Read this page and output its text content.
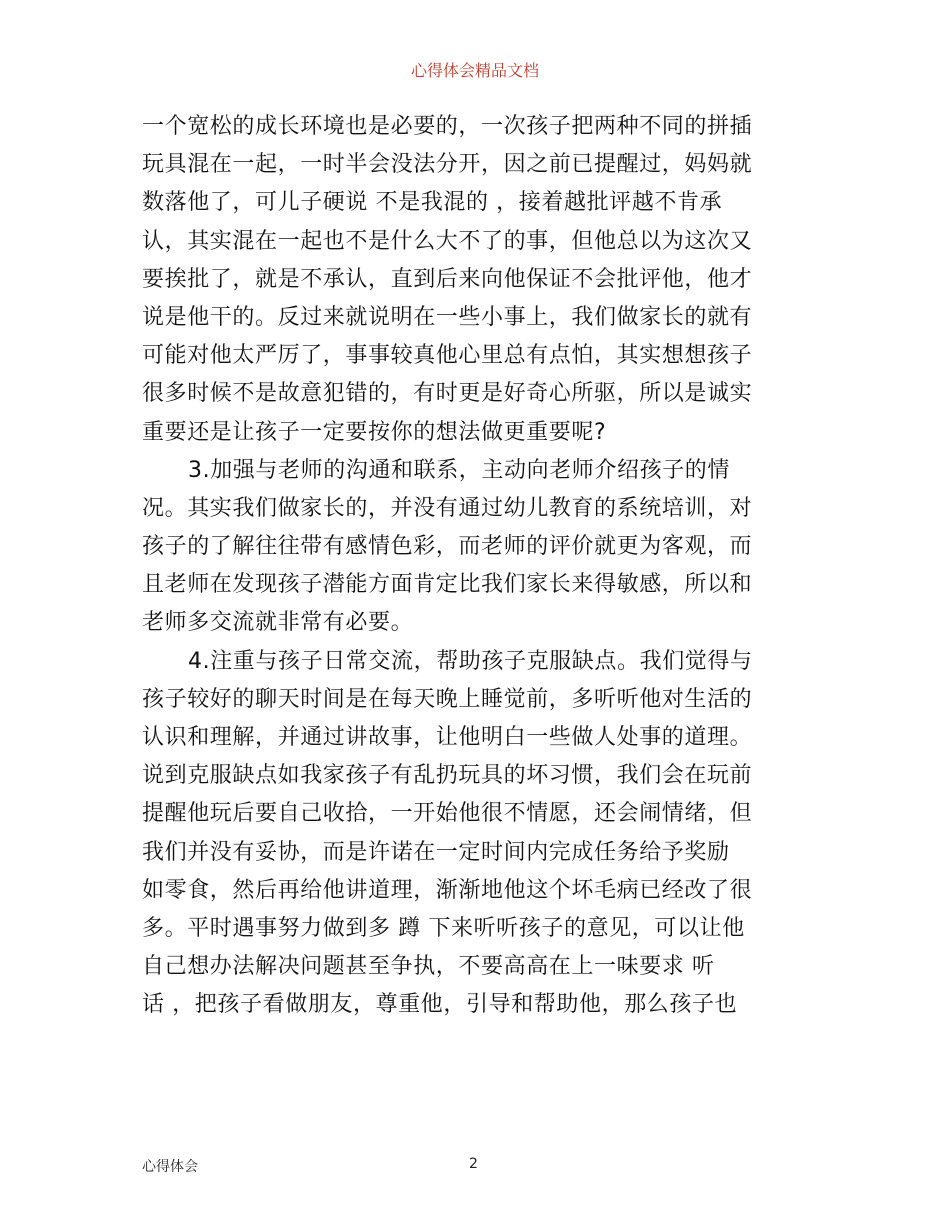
心得体会精品文档
一个宽松的成长环境也是必要的，一次孩子把两种不同的拼插
玩具混在一起，一时半会没法分开，因之前已提醒过，妈妈就
数落他了，可儿子硬说 不是我混的 ，接着越批评越不肯承
认，其实混在一起也不是什么大不了的事，但他总以为这次又
要挨批了，就是不承认，直到后来向他保证不会批评他，他才
说是他干的。反过来就说明在一些小事上，我们做家长的就有
可能对他太严厉了，事事较真他心里总有点怕，其实想想孩子
很多时候不是故意犯错的，有时更是好奇心所驱，所以是诚实
重要还是让孩子一定要按你的想法做更重要呢?
3.加强与老师的沟通和联系，主动向老师介绍孩子的情
况。其实我们做家长的，并没有通过幼儿教育的系统培训，对
孩子的了解往往带有感情色彩，而老师的评价就更为客观，而
且老师在发现孩子潜能方面肯定比我们家长来得敏感，所以和
老师多交流就非常有必要。
4.注重与孩子日常交流，帮助孩子克服缺点。我们觉得与
孩子较好的聊天时间是在每天晚上睡觉前，多听听他对生活的
认识和理解，并通过讲故事，让他明白一些做人处事的道理。
说到克服缺点如我家孩子有乱扔玩具的坏习惯，我们会在玩前
提醒他玩后要自己收拾，一开始他很不情愿，还会闹情绪，但
我们并没有妥协，而是许诺在一定时间内完成任务给予奖励
如零食，然后再给他讲道理，渐渐地他这个坏毛病已经改了很
多。平时遇事努力做到多 蹲 下来听听孩子的意见，可以让他
自己想办法解决问题甚至争执，不要高高在上一味要求 听
话 ，把孩子看做朋友，尊重他，引导和帮助他，那么孩子也
心得体会	2
